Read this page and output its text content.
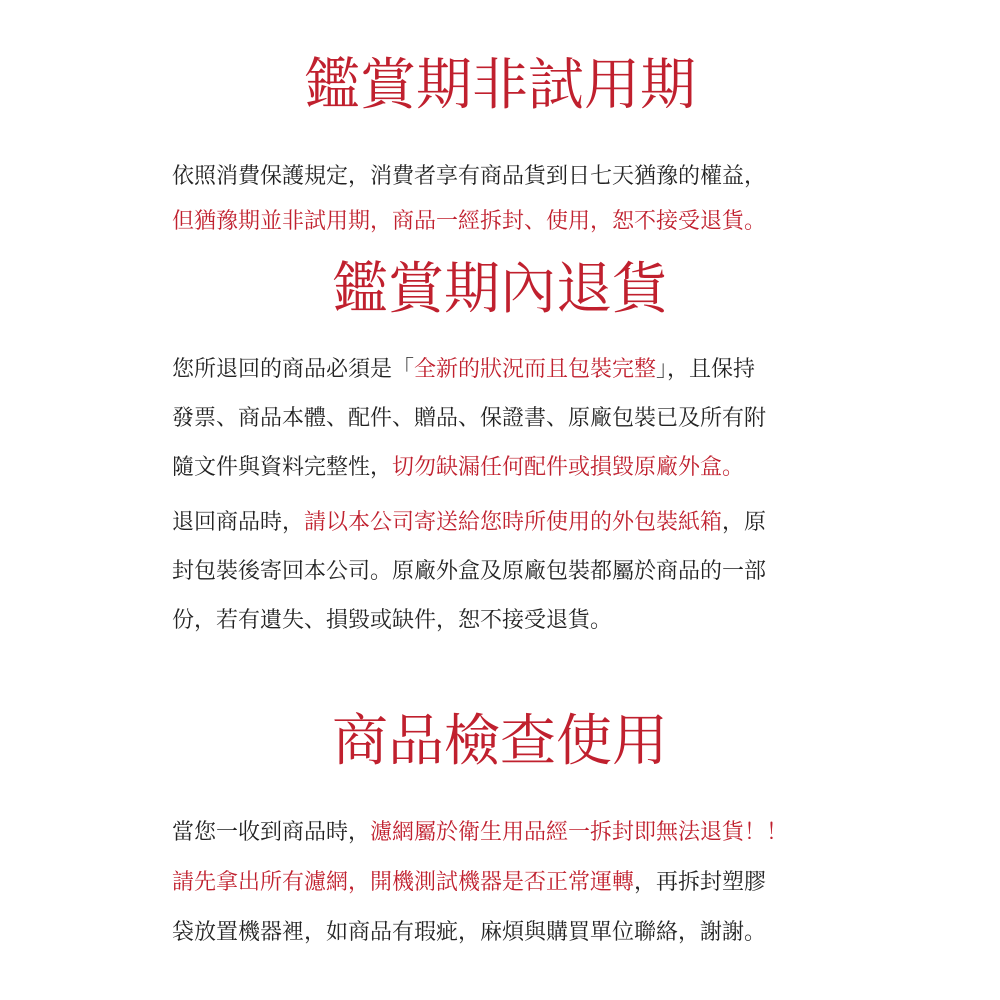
鑑賞期非試用期
依照消費保護規定，消費者享有商品貨到日七天猶豫的權益，
但猶豫期並非試用期，商品一經拆封、使用，恕不接受退貨。
鑑賞期內退貨
您所退回的商品必須是「全新的狀況而且包裝完整」，且保持
發票、商品本體、配件、贈品、保證書、原廠包裝已及所有附
隨文件與資料完整性，切勿缺漏任何配件或損毀原廠外盒。
退回商品時，請以本公司寄送給您時所使用的外包裝紙箱，原
封包裝後寄回本公司。原廠外盒及原廠包裝都屬於商品的一部
份，若有遺失、損毀或缺件，恕不接受退貨。
商品檢查使用
當您一收到商品時，濾網屬於衛生用品經一拆封即無法退貨！！
請先拿出所有濾網，開機測試機器是否正常運轉，再拆封塑膠
袋放置機器裡，如商品有瑕疵，麻煩與購買單位聯絡，謝謝。
